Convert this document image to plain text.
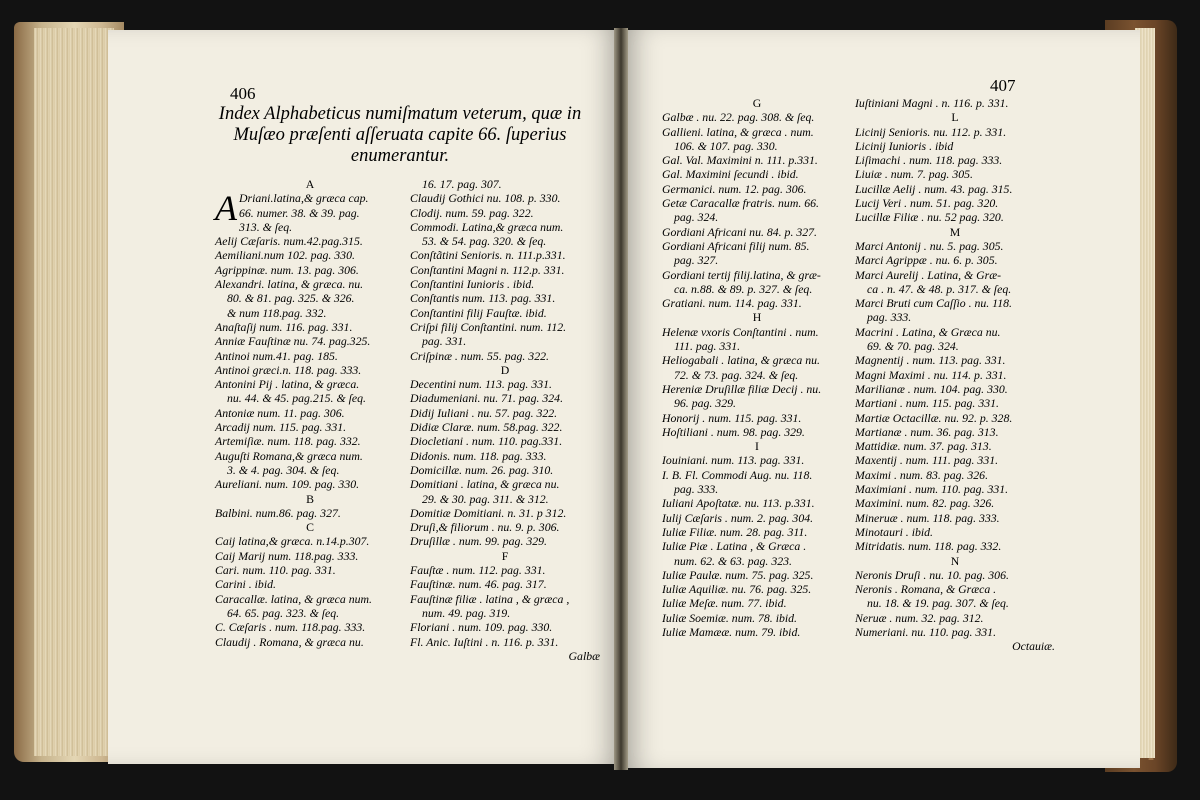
406
Index Alphabeticus numiſmatum veterum, quæ in
Muſæo præſenti aſſeruata capite 66. ſuperius
enumerantur.
A
A Driani.latina,& græca cap.
66. numer. 38. & 39. pag.
313. & ſeq.
Aelij Cæſaris. num.42.pag.315.
Aemiliani.num 102. pag. 330.
Agrippinæ. num. 13. pag. 306.
Alexandri. latina, & græca. nu.
80. & 81. pag. 325. & 326.
& num 118.pag. 332.
Anaſtaſij num. 116. pag. 331.
Anniæ Fauſtinæ nu. 74. pag.325.
Antinoi num.41. pag. 185.
Antinoi græci.n. 118. pag. 333.
Antonini Pij . latina, & græca.
nu. 44. & 45. pag.215. & ſeq.
Antoniæ num. 11. pag. 306.
Arcadij num. 115. pag. 331.
Artemiſiæ. num. 118. pag. 332.
Auguſti Romana,& græca num.
3. & 4. pag. 304. & ſeq.
Aureliani. num. 109. pag. 330.
B
Balbini. num.86. pag. 327.
C
Caij latina,& græca. n.14.p.307.
Caij Marij num. 118.pag. 333.
Cari. num. 110. pag. 331.
Carini . ibid.
Caracallæ. latina, & græca num.
64. 65. pag. 323. & ſeq.
C. Cæſaris . num. 118.pag. 333.
Claudij . Romana, & græca nu.
16. 17. pag. 307.
Claudij Gothici nu. 108. p. 330.
Clodij. num. 59. pag. 322.
Commodi. Latina,& græca num.
53. & 54. pag. 320. & ſeq.
Conſtãtini Senioris. n. 111.p.331.
Conſtantini Magni n. 112.p. 331.
Conſtantini Iunioris . ibid.
Conſtantis num. 113. pag. 331.
Conſtantini filij Fauſtæ. ibid.
Criſpi filij Conſtantini. num. 112.
pag. 331.
Criſpinæ . num. 55. pag. 322.
D
Decentini num. 113. pag. 331.
Diadumeniani. nu. 71. pag. 324.
Didij Iuliani . nu. 57. pag. 322.
Didiæ Claræ. num. 58.pag. 322.
Diocletiani . num. 110. pag.331.
Didonis. num. 118. pag. 333.
Domicillæ. num. 26. pag. 310.
Domitiani . latina, & græca nu.
29. & 30. pag. 311. & 312.
Domitiæ Domitiani. n. 31. p 312.
Druſi,& filiorum . nu. 9. p. 306.
Druſillæ . num. 99. pag. 329.
F
Fauſtæ . num. 112. pag. 331.
Fauſtinæ. num. 46. pag. 317.
Fauſtinæ filiæ . latina , & græca ,
num. 49. pag. 319.
Floriani . num. 109. pag. 330.
Fl. Anic. Iuſtini . n. 116. p. 331.
Galbæ
407
G
Galbæ . nu. 22. pag. 308. & ſeq.
Gallieni. latina, & græca . num.
106. & 107. pag. 330.
Gal. Val. Maximini n. 111. p.331.
Gal. Maximini ſecundi . ibid.
Germanici. num. 12. pag. 306.
Getæ Caracallæ fratris. num. 66.
pag. 324.
Gordiani Africani nu. 84. p. 327.
Gordiani Africani filij num. 85.
pag. 327.
Gordiani tertij filij.latina, & græ-
ca. n.88. & 89. p. 327. & ſeq.
Gratiani. num. 114. pag. 331.
H
Helenæ vxoris Conſtantini . num.
111. pag. 331.
Heliogabali . latina, & græca nu.
72. & 73. pag. 324. & ſeq.
Hereniæ Druſillæ filiæ Decij . nu.
96. pag. 329.
Honorij . num. 115. pag. 331.
Hoſtiliani . num. 98. pag. 329.
I
Iouiniani. num. 113. pag. 331.
I. B. Fl. Commodi Aug. nu. 118.
pag. 333.
Iuliani Apoſtatæ. nu. 113. p.331.
Iulij Cæſaris . num. 2. pag. 304.
Iuliæ Filiæ. num. 28. pag. 311.
Iuliæ Piæ . Latina , & Græca .
num. 62. & 63. pag. 323.
Iuliæ Paulæ. num. 75. pag. 325.
Iuliæ Aquiliæ. nu. 76. pag. 325.
Iuliæ Meſæ. num. 77. ibid.
Iuliæ Soemiæ. num. 78. ibid.
Iuliæ Mamææ. num. 79. ibid.
Iuſtiniani Magni . n. 116. p. 331.
L
Licinij Senioris. nu. 112. p. 331.
Licinij Iunioris . ibid
Liſimachi . num. 118. pag. 333.
Liuiæ . num. 7. pag. 305.
Lucillæ Aelij . num. 43. pag. 315.
Lucij Veri . num. 51. pag. 320.
Lucillæ Filiæ . nu. 52 pag. 320.
M
Marci Antonij . nu. 5. pag. 305.
Marci Agrippæ . nu. 6. p. 305.
Marci Aurelij . Latina, & Græ-
ca . n. 47. & 48. p. 317. & ſeq.
Marci Bruti cum Caſſio . nu. 118.
pag. 333.
Macrini . Latina, & Græca nu.
69. & 70. pag. 324.
Magnentij . num. 113. pag. 331.
Magni Maximi . nu. 114. p. 331.
Marilianæ . num. 104. pag. 330.
Martiani . num. 115. pag. 331.
Martiæ Octacillæ. nu. 92. p. 328.
Martianæ . num. 36. pag. 313.
Mattidiæ. num. 37. pag. 313.
Maxentij . num. 111. pag. 331.
Maximi . num. 83. pag. 326.
Maximiani . num. 110. pag. 331.
Maximini. num. 82. pag. 326.
Mineruæ . num. 118. pag. 333.
Minotauri . ibid.
Mitridatis. num. 118. pag. 332.
N
Neronis Druſi . nu. 10. pag. 306.
Neronis . Romana, & Græca .
nu. 18. & 19. pag. 307. & ſeq.
Neruæ . num. 32. pag. 312.
Numeriani. nu. 110. pag. 331.
Octauiæ.
